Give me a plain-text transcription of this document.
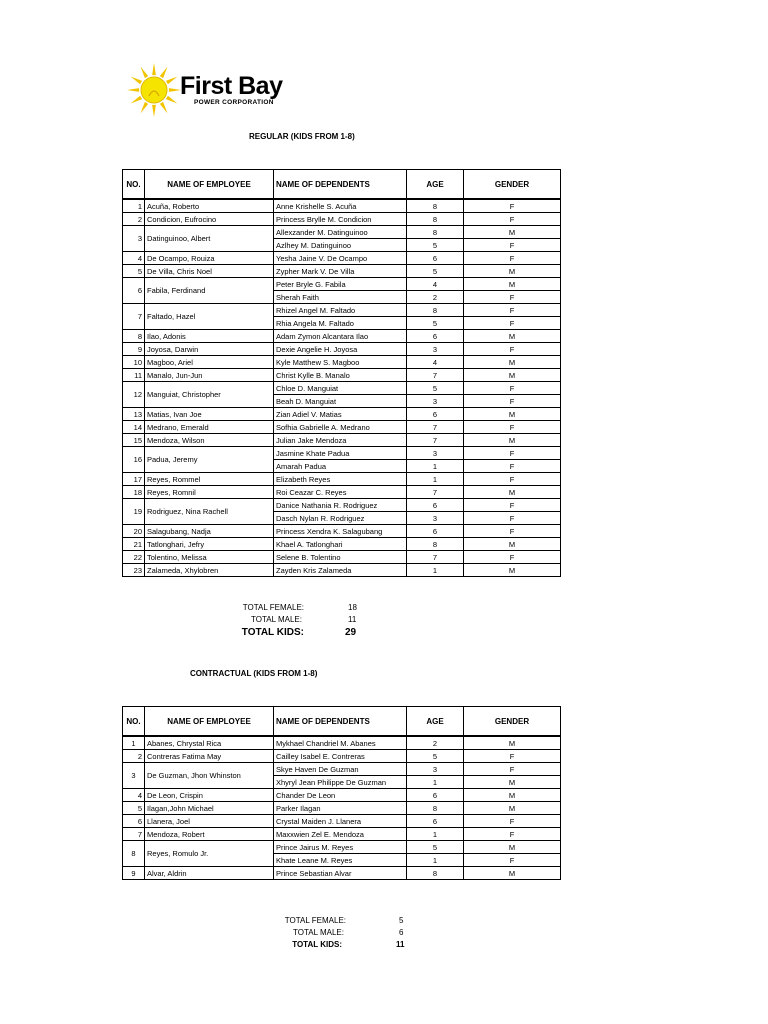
First Bay
POWER CORPORATION
REGULAR (KIDS FROM 1-8)
NO.	NAME OF EMPLOYEE	NAME OF DEPENDENTS	AGE	GENDER
1	Acuña, Roberto	Anne Krishelle S. Acuña	8	F
2	Condicion, Eufrocino	Princess Brylle M. Condicion	8	F
3	Datinguinoo, Albert	Allexzander M. Datinguinoo	8	M
		Azlhey M. Datinguinoo	5	F
4	De Ocampo, Rouiza	Yesha Jaine V. De Ocampo	6	F
5	De Villa, Chris Noel	Zypher Mark V. De Villa	5	M
6	Fabila, Ferdinand	Peter Bryle G. Fabila	4	M
		Sherah Faith	2	F
7	Faltado, Hazel	Rhizel Angel M. Faltado	8	F
		Rhia Angela M. Faltado	5	F
8	Ilao, Adonis	Adam Zymon Alcantara Ilao	6	M
9	Joyosa, Darwin	Dexie Angelie H. Joyosa	3	F
10	Magboo, Ariel	Kyle Matthew S. Magboo	4	M
11	Manalo, Jun-Jun	Christ Kylle B. Manalo	7	M
12	Manguiat, Christopher	Chloe D. Manguiat	5	F
		Beah D. Manguiat	3	F
13	Matias, Ivan Joe	Zian Adiel V. Matias	6	M
14	Medrano, Emerald	Sofhia Gabrielle A. Medrano	7	F
15	Mendoza, Wilson	Julian Jake Mendoza	7	M
16	Padua, Jeremy	Jasmine Khate Padua	3	F
		Amarah Padua	1	F
17	Reyes, Rommel	Elizabeth Reyes	1	F
18	Reyes, Romnil	Roi Ceazar C. Reyes	7	M
19	Rodriguez, Nina Rachell	Danice Nathania R. Rodriguez	6	F
		Dasch Nylan R. Rodriguez	3	F
20	Salagubang, Nadja	Princess Xendra K. Salagubang	6	F
21	Tatlonghari, Jefry	Khael A. Tatlonghari	8	M
22	Tolentino, Melissa	Selene B. Tolentino	7	F
23	Zalameda, Xhylobren	Zayden Kris Zalameda	1	M
TOTAL FEMALE:	18
TOTAL MALE:	11
TOTAL KIDS:	29
CONTRACTUAL (KIDS FROM 1-8)
NO.	NAME OF EMPLOYEE	NAME OF DEPENDENTS	AGE	GENDER
1	Abanes, Chrystal Rica	Mykhael Chandriel M. Abanes	2	M
2	Contreras Fatima May	Cailley Isabel E. Contreras	5	F
3	De Guzman, Jhon Whinston	Skye Haven De Guzman	3	F
		Xhyryl Jean Philippe De Guzman	1	M
4	De Leon, Crispin	Chander De Leon	6	M
5	Ilagan,John Michael	Parker Ilagan	8	M
6	Llanera, Joel	Crystal Maiden J. Llanera	6	F
7	Mendoza, Robert	Maxxwien Zel E. Mendoza	1	F
8	Reyes, Romulo Jr.	Prince Jairus M. Reyes	5	M
		Khate Leane M. Reyes	1	F
9	Alvar, Aldrin	Prince Sebastian Alvar	8	M
TOTAL FEMALE:	5
TOTAL MALE:	6
TOTAL KIDS:	11
